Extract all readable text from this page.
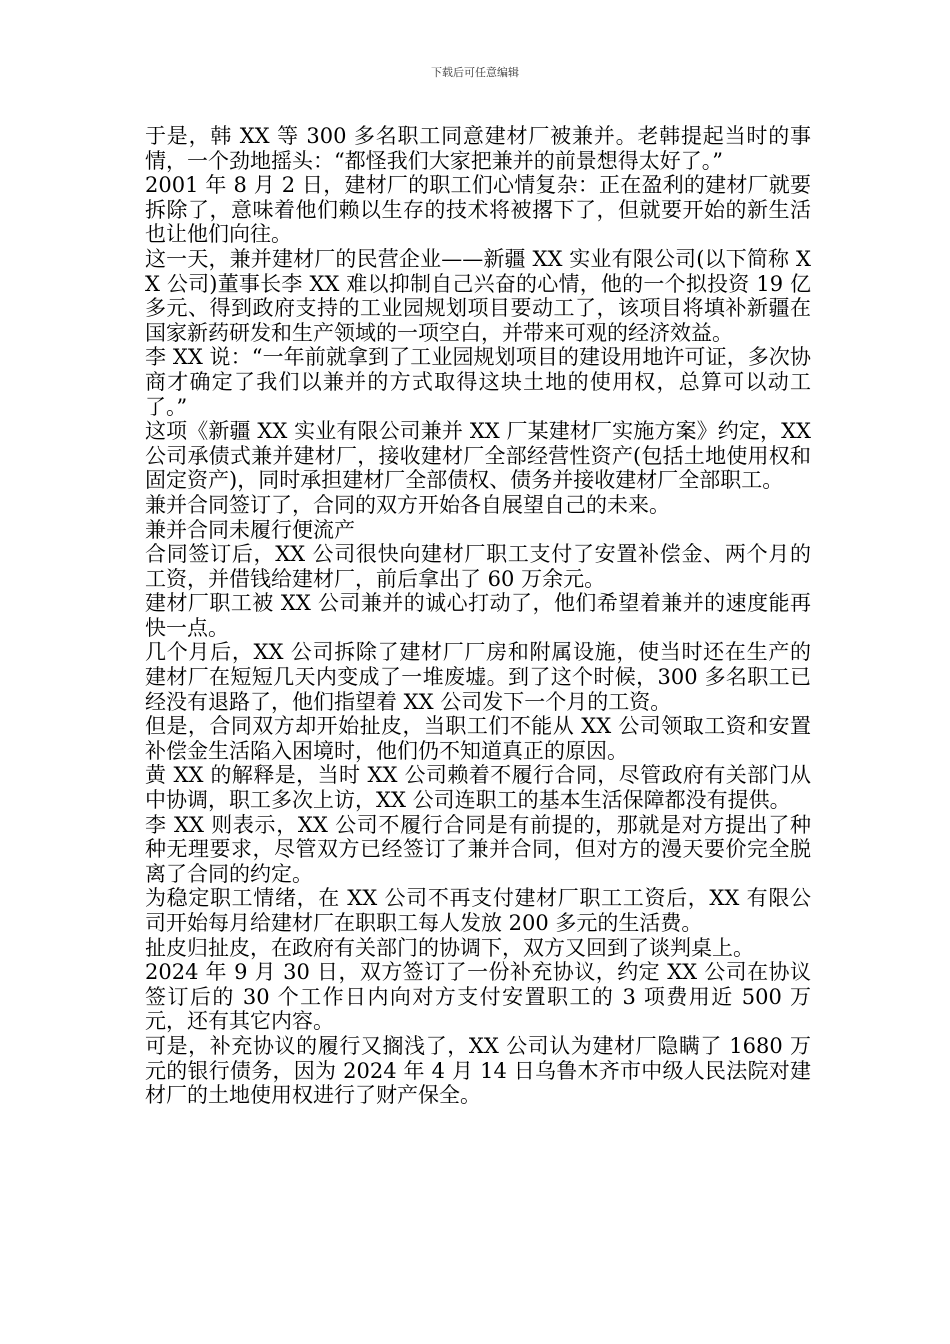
下载后可任意编辑

于是，韩 XX 等 300 多名职工同意建材厂被兼并。老韩提起当时的事情，一个劲地摇头：“都怪我们大家把兼并的前景想得太好了。”

2001 年 8 月 2 日，建材厂的职工们心情复杂：正在盈利的建材厂就要拆除了，意味着他们赖以生存的技术将被撂下了，但就要开始的新生活也让他们向往。

这一天，兼并建材厂的民营企业——新疆 XX 实业有限公司(以下简称 XX 公司)董事长李 XX 难以抑制自己兴奋的心情，他的一个拟投资 19 亿多元、得到政府支持的工业园规划项目要动工了，该项目将填补新疆在国家新药研发和生产领域的一项空白，并带来可观的经济效益。

李 XX 说：“一年前就拿到了工业园规划项目的建设用地许可证，多次协商才确定了我们以兼并的方式取得这块土地的使用权，总算可以动工了。”

这项《新疆 XX 实业有限公司兼并 XX 厂某建材厂实施方案》约定，XX 公司承债式兼并建材厂，接收建材厂全部经营性资产(包括土地使用权和固定资产)，同时承担建材厂全部债权、债务并接收建材厂全部职工。

兼并合同签订了，合同的双方开始各自展望自己的未来。

兼并合同未履行便流产

合同签订后，XX 公司很快向建材厂职工支付了安置补偿金、两个月的工资，并借钱给建材厂，前后拿出了 60 万余元。

建材厂职工被 XX 公司兼并的诚心打动了，他们希望着兼并的速度能再快一点。

几个月后，XX 公司拆除了建材厂厂房和附属设施，使当时还在生产的建材厂在短短几天内变成了一堆废墟。到了这个时候，300 多名职工已经没有退路了，他们指望着 XX 公司发下一个月的工资。

但是，合同双方却开始扯皮，当职工们不能从 XX 公司领取工资和安置补偿金生活陷入困境时，他们仍不知道真正的原因。

黄 XX 的解释是，当时 XX 公司赖着不履行合同，尽管政府有关部门从中协调，职工多次上访，XX 公司连职工的基本生活保障都没有提供。

李 XX 则表示，XX 公司不履行合同是有前提的，那就是对方提出了种种无理要求，尽管双方已经签订了兼并合同，但对方的漫天要价完全脱离了合同的约定。

为稳定职工情绪，在 XX 公司不再支付建材厂职工工资后，XX 有限公司开始每月给建材厂在职职工每人发放 200 多元的生活费。

扯皮归扯皮，在政府有关部门的协调下，双方又回到了谈判桌上。

2024 年 9 月 30 日，双方签订了一份补充协议，约定 XX 公司在协议签订后的 30 个工作日内向对方支付安置职工的 3 项费用近 500 万元，还有其它内容。

可是，补充协议的履行又搁浅了，XX 公司认为建材厂隐瞒了 1680 万元的银行债务，因为 2024 年 4 月 14 日乌鲁木齐市中级人民法院对建材厂的土地使用权进行了财产保全。
